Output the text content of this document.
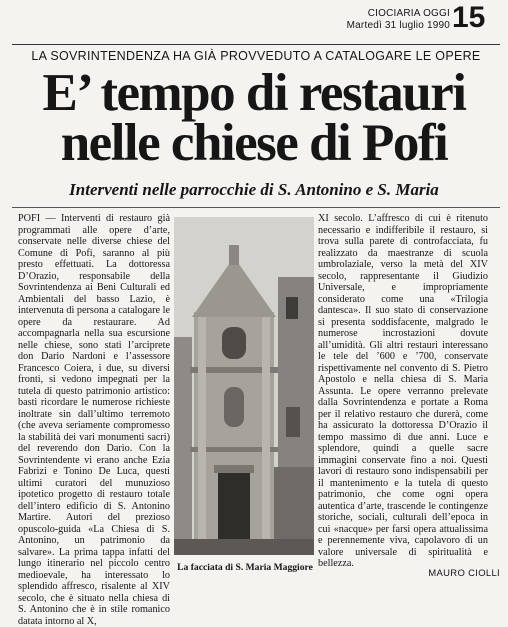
CIOCIARIA OGGI
Martedì 31 luglio 1990 15
LA SOVRINTENDENZA HA GIÀ PROVVEDUTO A CATALOGARE LE OPERE
E’ tempo di restauri
nelle chiese di Pofi
Interventi nelle parrocchie di S. Antonino e S. Maria
POFI — Interventi di restauro già programmati alle opere d’arte, conservate nelle diverse chiese del Comune di Pofi, saranno al più presto effettuati. La dottoressa D’Orazio, responsabile della Sovrintendenza ai Beni Culturali ed Ambientali del basso Lazio, è intervenuta di persona a catalogare le opere da restaurare. Ad accompagnarla nella sua escursione nelle chiese, sono stati l’arciprete don Dario Nardoni e l’assessore Francesco Coiera, i due, su diversi fronti, si vedono impegnati per la tutela di questo patrimonio artistico: basti ricordare le numerose richieste inoltrate sin dall’ultimo terremoto (che aveva seriamente compromesso la stabilità dei vari monumenti sacri) del reverendo don Dario. Con la Sovrintendente vi erano anche Ezia Fabrizi e Tonino De Luca, questi ultimi curatori del munuzioso ipotetico progetto di restauro totale dell’intero edificio di S. Antonino Martire. Autori del prezioso opuscolo-guida «La Chiesa di S. Antonino, un patrimonio da salvare». La prima tappa infatti del lungo itinerario nel piccolo centro medioevale, ha interessato lo splendido affresco, risalente al XIV secolo, che è situato nella chiesa di S. Antonino che è in stile romanico datata intorno al X,
La facciata di S. Maria Maggiore
XI secolo. L’affresco di cui è ritenuto necessario e indifferibile il restauro, si trova sulla parete di controfacciata, fu realizzato da maestranze di scuola umbrolaziale, verso la metà del XIV secolo, rappresentante il Giudizio Universale, e impropriamente considerato come una «Trilogia dantesca». Il suo stato di conservazione si presenta soddisfacente, malgrado le numerose incrostazioni dovute all’umidità. Gli altri restauri interessano le tele del ’600 e ’700, conservate rispettivamente nel convento di S. Pietro Apostolo e nella chiesa di S. Maria Assunta. Le opere verranno prelevate dalla Sovrintendenza e portate a Roma per il relativo restauro che durerà, come ha assicurato la dottoressa D’Orazio il tempo massimo di due anni. Luce e splendore, quindi a quelle sacre immagini conservate fino a noi. Questi lavori di restauro sono indispensabili per il mantenimento e la tutela di questo patrimonio, che come ogni opera autentica d’arte, trascende le contingenze storiche, sociali, culturali dell’epoca in cui «nacque» per farsi opera attualissima e perennemente viva, capolavoro di un valore universale di spiritualità e bellezza.
MAURO CIOLLI
